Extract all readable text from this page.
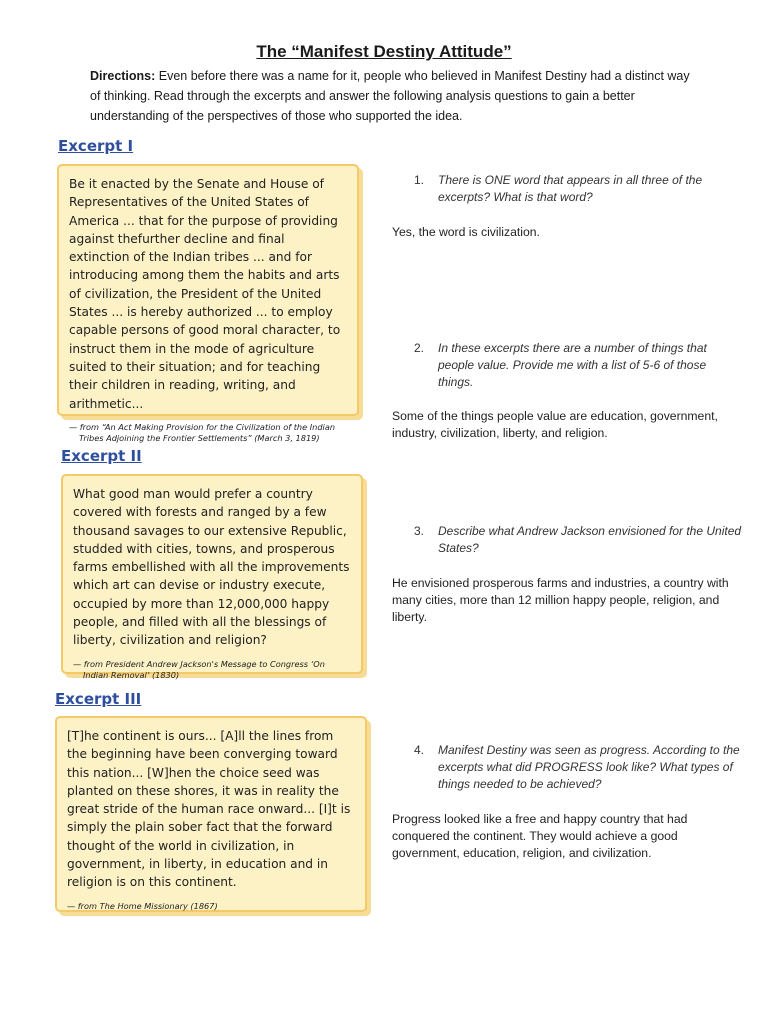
The “Manifest Destiny Attitude”
Directions: Even before there was a name for it, people who believed in Manifest Destiny had a distinct way of thinking. Read through the excerpts and answer the following analysis questions to gain a better understanding of the perspectives of those who supported the idea.
Excerpt I
Be it enacted by the Senate and House of Representatives of the United States of America ... that for the purpose of providing against thefurther decline and final extinction of the Indian tribes ... and for introducing among them the habits and arts of civilization, the President of the United States ... is hereby authorized ... to employ capable persons of good moral character, to instruct them in the mode of agriculture suited to their situation; and for teaching their children in reading, writing, and arithmetic...
— from “An Act Making Provision for the Civilization of the Indian Tribes Adjoining the Frontier Settlements” (March 3, 1819)
Excerpt II
What good man would prefer a country covered with forests and ranged by a few thousand savages to our extensive Republic, studded with cities, towns, and prosperous farms embellished with all the improvements which art can devise or industry execute, occupied by more than 12,000,000 happy people, and filled with all the blessings of liberty, civilization and religion?
— from President Andrew Jackson's Message to Congress ‘On Indian Removal’ (1830)
Excerpt III
[T]he continent is ours... [A]ll the lines from the beginning have been converging toward this nation... [W]hen the choice seed was planted on these shores, it was in reality the great stride of the human race onward... [I]t is simply the plain sober fact that the forward thought of the world in civilization, in government, in liberty, in education and in religion is on this continent.
— from The Home Missionary (1867)
1. There is ONE word that appears in all three of the excerpts? What is that word?
Yes, the word is civilization.
2. In these excerpts there are a number of things that people value. Provide me with a list of 5-6 of those things.
Some of the things people value are education, government, industry, civilization, liberty, and religion.
3. Describe what Andrew Jackson envisioned for the United States?
He envisioned prosperous farms and industries, a country with many cities, more than 12 million happy people, religion, and liberty.
4. Manifest Destiny was seen as progress. According to the excerpts what did PROGRESS look like? What types of things needed to be achieved?
Progress looked like a free and happy country that had conquered the continent. They would achieve a good government, education, religion, and civilization.
